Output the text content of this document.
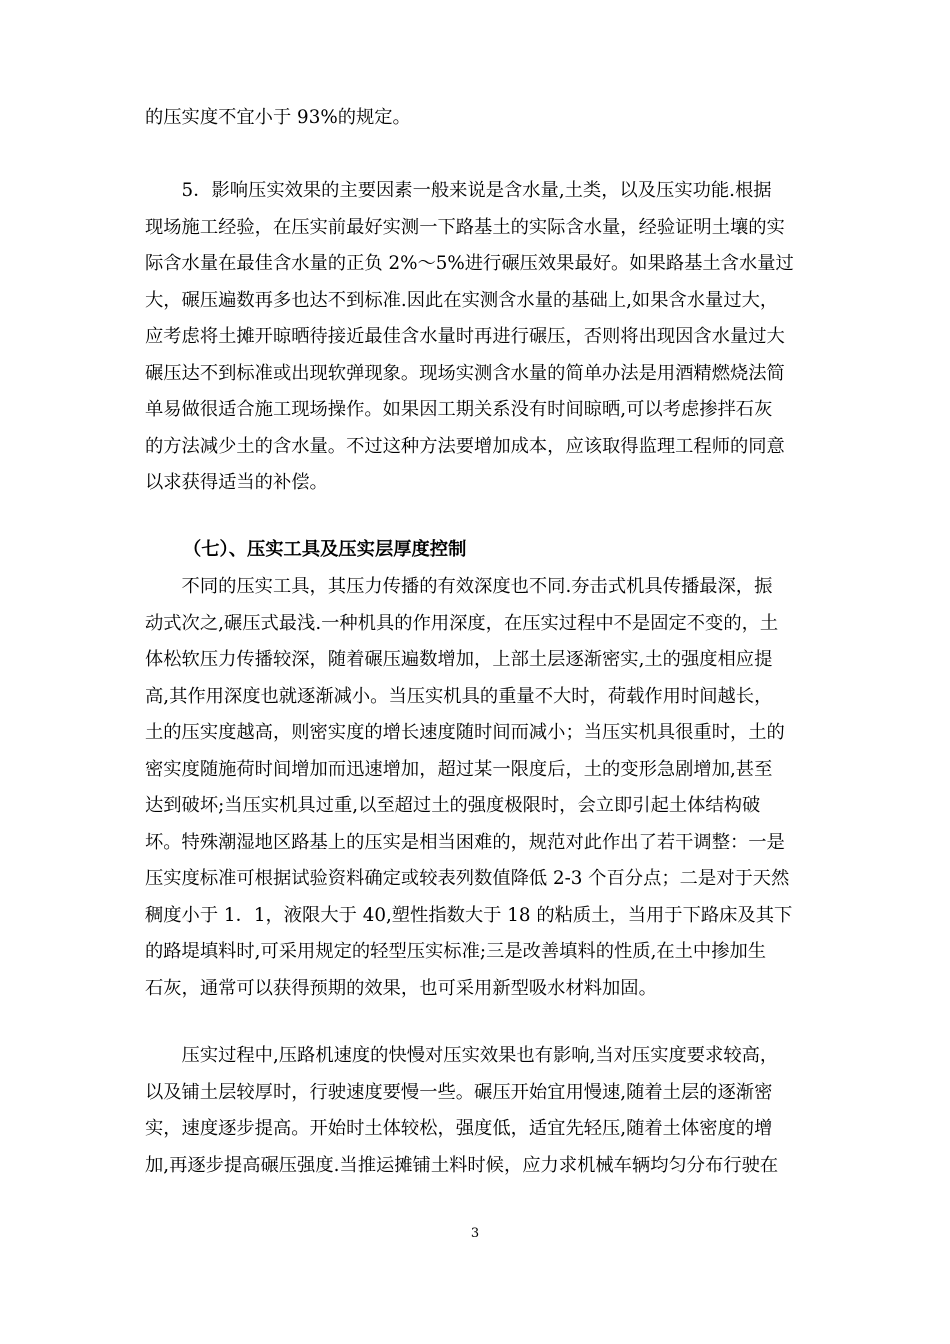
的压实度不宜小于 93%的规定。
　　5．影响压实效果的主要因素一般来说是含水量,土类，以及压实功能.根据
现场施工经验，在压实前最好实测一下路基土的实际含水量，经验证明土壤的实
际含水量在最佳含水量的正负 2%～5%进行碾压效果最好。如果路基土含水量过
大，碾压遍数再多也达不到标准.因此在实测含水量的基础上,如果含水量过大，
应考虑将土摊开晾晒待接近最佳含水量时再进行碾压，否则将出现因含水量过大
碾压达不到标准或出现软弹现象。现场实测含水量的简单办法是用酒精燃烧法简
单易做很适合施工现场操作。如果因工期关系没有时间晾晒,可以考虑掺拌石灰
的方法减少土的含水量。不过这种方法要增加成本，应该取得监理工程师的同意
以求获得适当的补偿。
（七）、压实工具及压实层厚度控制
　　不同的压实工具，其压力传播的有效深度也不同.夯击式机具传播最深，振
动式次之,碾压式最浅.一种机具的作用深度，在压实过程中不是固定不变的，土
体松软压力传播较深，随着碾压遍数增加，上部土层逐渐密实,土的强度相应提
高,其作用深度也就逐渐减小。当压实机具的重量不大时，荷载作用时间越长，
土的压实度越高，则密实度的增长速度随时间而减小；当压实机具很重时，土的
密实度随施荷时间增加而迅速增加，超过某一限度后，土的变形急剧增加,甚至
达到破坏;当压实机具过重,以至超过土的强度极限时，会立即引起土体结构破
坏。特殊潮湿地区路基上的压实是相当困难的，规范对此作出了若干调整：一是
压实度标准可根据试验资料确定或较表列数值降低 2-3 个百分点；二是对于天然
稠度小于 1．1，液限大于 40,塑性指数大于 18 的粘质土，当用于下路床及其下
的路堤填料时,可采用规定的轻型压实标准;三是改善填料的性质,在土中掺加生
石灰，通常可以获得预期的效果，也可采用新型吸水材料加固。
　　压实过程中,压路机速度的快慢对压实效果也有影响,当对压实度要求较高，
以及铺土层较厚时，行驶速度要慢一些。碾压开始宜用慢速,随着土层的逐渐密
实，速度逐步提高。开始时土体较松，强度低，适宜先轻压,随着土体密度的增
加,再逐步提高碾压强度.当推运摊铺土料时候，应力求机械车辆均匀分布行驶在
3
